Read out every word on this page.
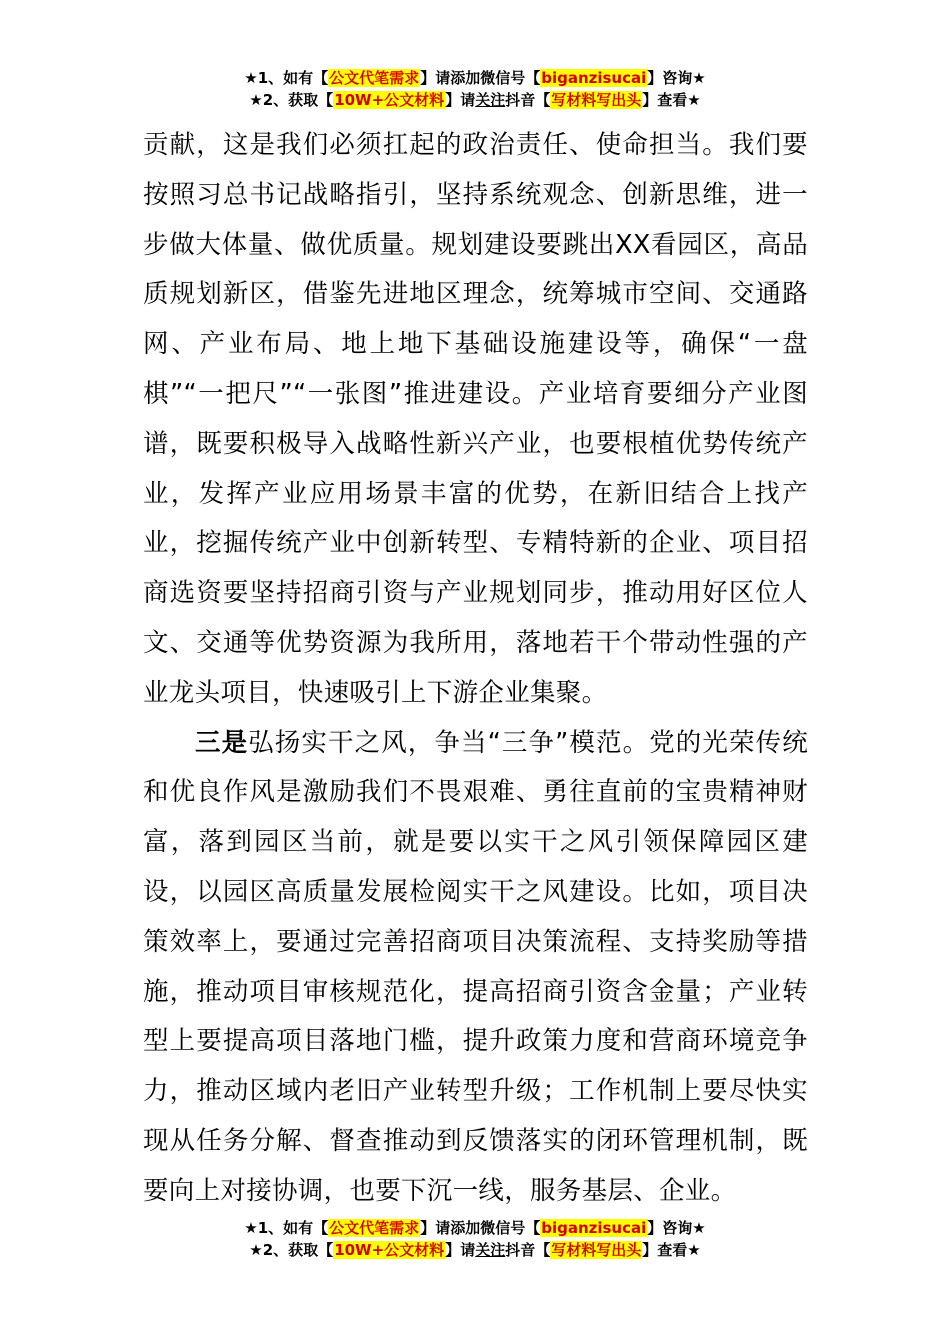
★1、如有【公文代笔需求】请添加微信号【biganzisucai】咨询★
★2、获取【10W+公文材料】请关注抖音【写材料写出头】查看★

贡献，这是我们必须扛起的政治责任、使命担当。我们要按照习总书记战略指引，坚持系统观念、创新思维，进一步做大体量、做优质量。规划建设要跳出XX看园区，高品质规划新区，借鉴先进地区理念，统筹城市空间、交通路网、产业布局、地上地下基础设施建设等，确保“一盘棋”“一把尺”“一张图”推进建设。产业培育要细分产业图谱，既要积极导入战略性新兴产业，也要根植优势传统产业，发挥产业应用场景丰富的优势，在新旧结合上找产业，挖掘传统产业中创新转型、专精特新的企业、项目招商选资要坚持招商引资与产业规划同步，推动用好区位人文、交通等优势资源为我所用，落地若干个带动性强的产业龙头项目，快速吸引上下游企业集聚。

三是弘扬实干之风，争当“三争”模范。党的光荣传统和优良作风是激励我们不畏艰难、勇往直前的宝贵精神财富，落到园区当前，就是要以实干之风引领保障园区建设，以园区高质量发展检阅实干之风建设。比如，项目决策效率上，要通过完善招商项目决策流程、支持奖励等措施，推动项目审核规范化，提高招商引资含金量；产业转型上要提高项目落地门槛，提升政策力度和营商环境竞争力，推动区域内老旧产业转型升级；工作机制上要尽快实现从任务分解、督查推动到反馈落实的闭环管理机制，既要向上对接协调，也要下沉一线，服务基层、企业。

★1、如有【公文代笔需求】请添加微信号【biganzisucai】咨询★
★2、获取【10W+公文材料】请关注抖音【写材料写出头】查看★
